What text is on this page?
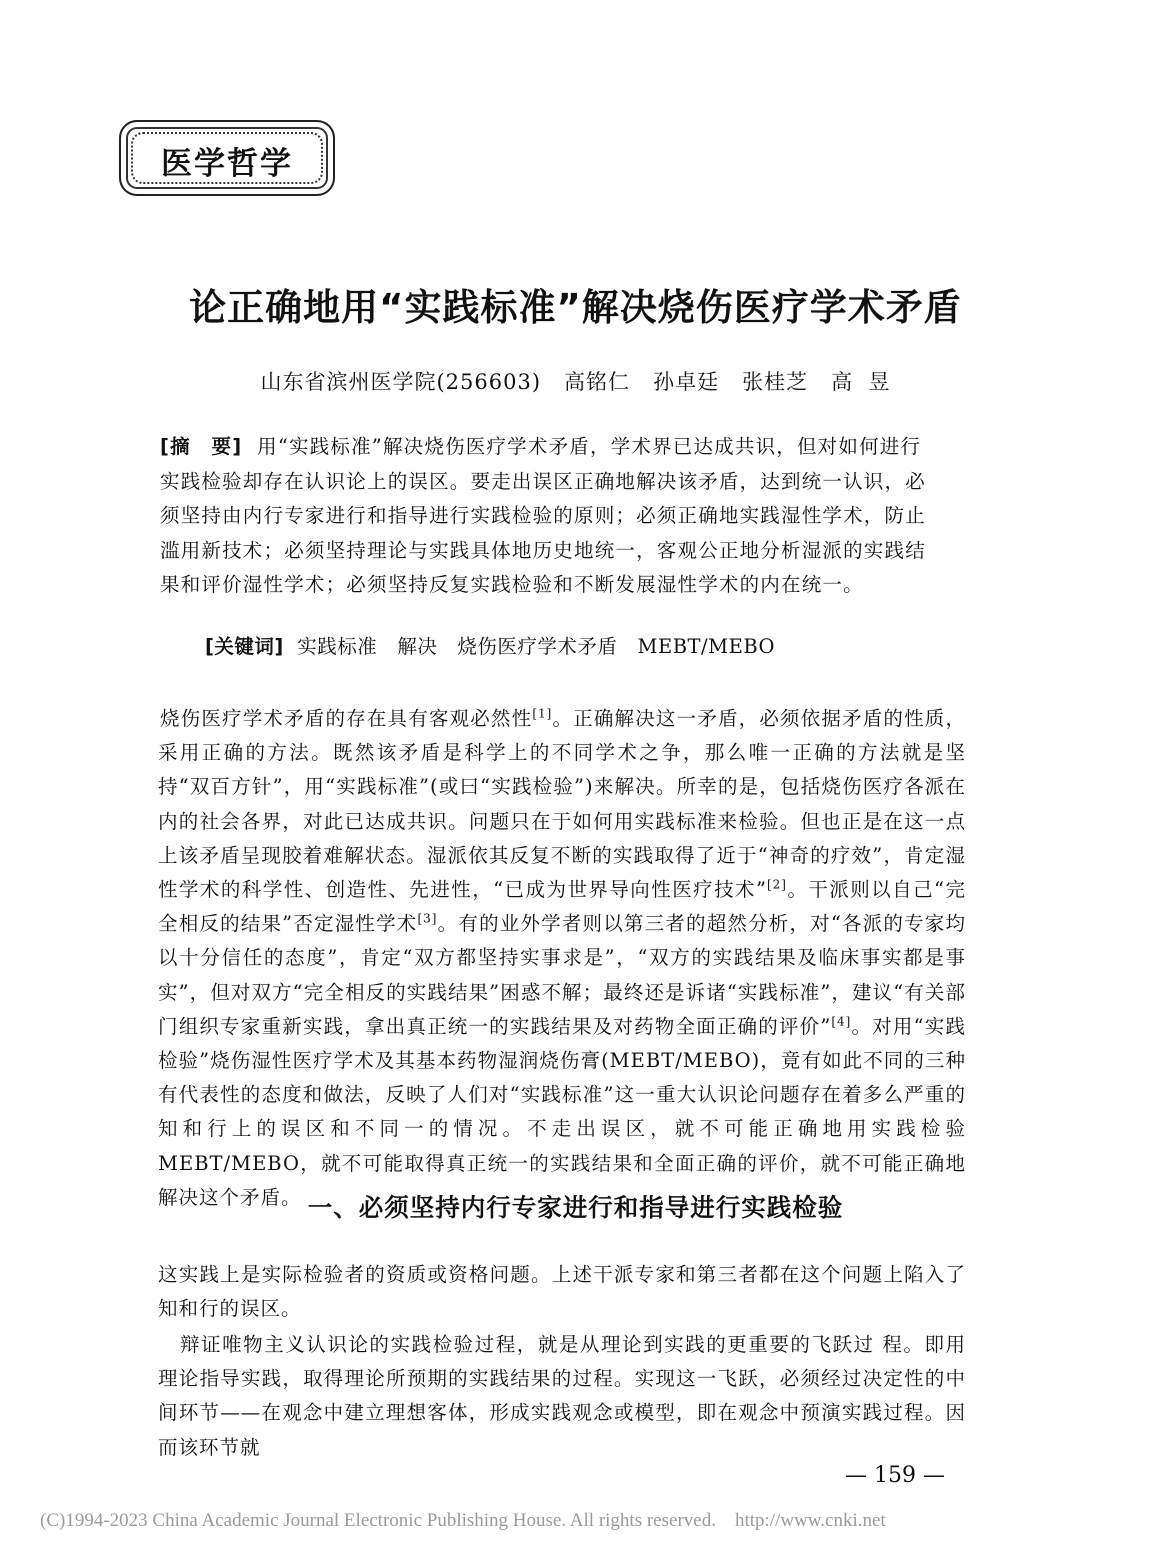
医学哲学
论正确地用“实践标准”解决烧伤医疗学术矛盾
山东省滨州医学院(256603)   高铭仁   孙卓廷   张桂芝   高  昱
[摘　要] 用“实践标准”解决烧伤医疗学术矛盾，学术界已达成共识，但对如何进行实践检验却存在认识论上的误区。要走出误区正确地解决该矛盾，达到统一认识，必须坚持由内行专家进行和指导进行实践检验的原则；必须正确地实践湿性学术，防止滥用新技术；必须坚持理论与实践具体地历史地统一，客观公正地分析湿派的实践结果和评价湿性学术；必须坚持反复实践检验和不断发展湿性学术的内在统一。
[关键词] 实践标准   解决   烧伤医疗学术矛盾   MEBT/MEBO
烧伤医疗学术矛盾的存在具有客观必然性[1]。正确解决这一矛盾，必须依据矛盾的性质，采用正确的方法。既然该矛盾是科学上的不同学术之争，那么唯一正确的方法就是坚持“双百方针”，用“实践标准”(或曰“实践检验”)来解决。所幸的是，包括烧伤医疗各派在内的社会各界，对此已达成共识。问题只在于如何用实践标准来检验。但也正是在这一点上该矛盾呈现胶着难解状态。湿派依其反复不断的实践取得了近于“神奇的疗效”，肯定湿性学术的科学性、创造性、先进性，“已成为世界导向性医疗技术”[2]。干派则以自己“完全相反的结果”否定湿性学术[3]。有的业外学者则以第三者的超然分析，对“各派的专家均以十分信任的态度”，肯定“双方都坚持实事求是”，“双方的实践结果及临床事实都是事实”，但对双方“完全相反的实践结果”困惑不解；最终还是诉诸“实践标准”，建议“有关部门组织专家重新实践，拿出真正统一的实践结果及对药物全面正确的评价”[4]。对用“实践检验”烧伤湿性医疗学术及其基本药物湿润烧伤膏(MEBT/MEBO)，竟有如此不同的三种有代表性的态度和做法，反映了人们对“实践标准”这一重大认识论问题存在着多么严重的知和行上的误区和不同一的情况。不走出误区，就不可能正确地用实践检验 MEBT/MEBO，就不可能取得真正统一的实践结果和全面正确的评价，就不可能正确地解决这个矛盾。 一、必须坚持内行专家进行和指导进行实践检验
这实践上是实际检验者的资质或资格问题。上述干派专家和第三者都在这个问题上陷入了知和行的误区。
辩证唯物主义认识论的实践检验过程，就是从理论到实践的更重要的飞跃过 程。即用理论指导实践，取得理论所预期的实践结果的过程。实现这一飞跃，必须经过决定性的中间环节——在观念中建立理想客体，形成实践观念或模型，即在观念中预演实践过程。因而该环节就
— 159 —
(C)1994-2023 China Academic Journal Electronic Publishing House. All rights reserved.    http://www.cnki.net
